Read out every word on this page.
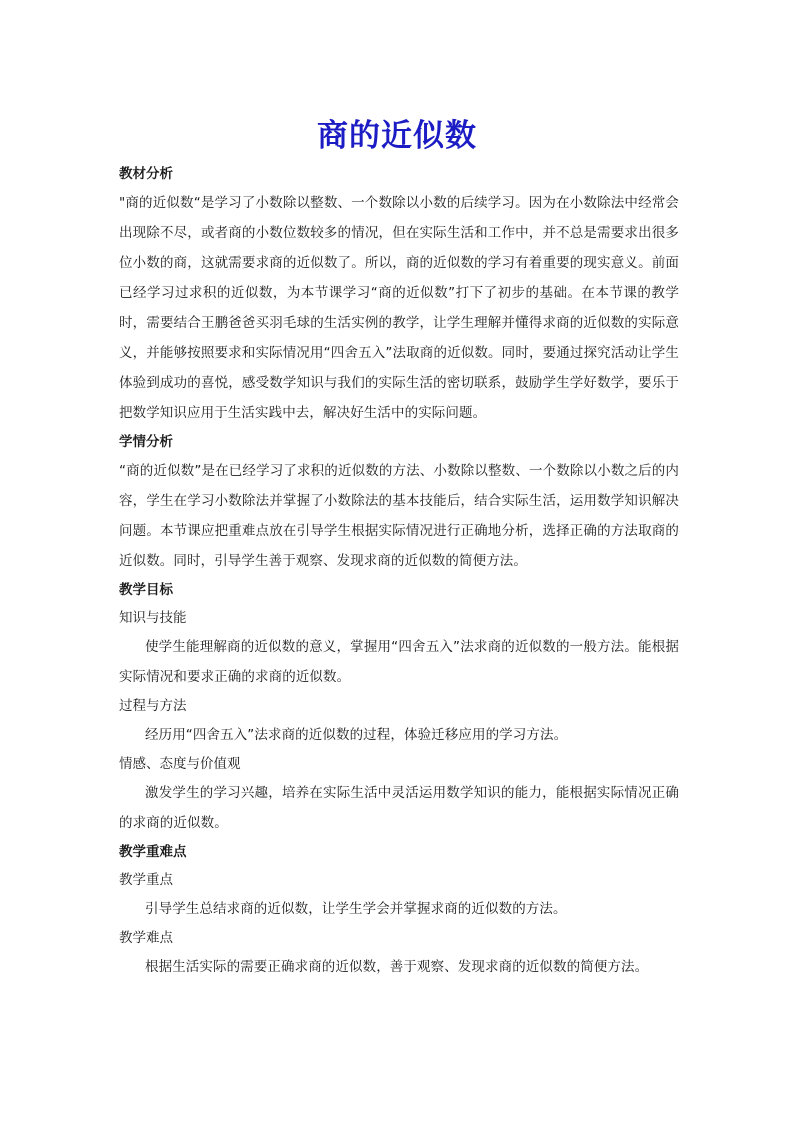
商的近似数

教材分析

"商的近似数“是学习了小数除以整数、一个数除以小数的后续学习。因为在小数除法中经常会出现除不尽，或者商的小数位数较多的情况，但在实际生活和工作中，并不总是需要求出很多位小数的商，这就需要求商的近似数了。所以，商的近似数的学习有着重要的现实意义。前面已经学习过求积的近似数，为本节课学习“商的近似数”打下了初步的基础。在本节课的教学时，需要结合王鹏爸爸买羽毛球的生活实例的教学，让学生理解并懂得求商的近似数的实际意义，并能够按照要求和实际情况用“四舍五入”法取商的近似数。同时，要通过探究活动让学生体验到成功的喜悦，感受数学知识与我们的实际生活的密切联系，鼓励学生学好数学，要乐于把数学知识应用于生活实践中去，解决好生活中的实际问题。

学情分析

“商的近似数”是在已经学习了求积的近似数的方法、小数除以整数、一个数除以小数之后的内容，学生在学习小数除法并掌握了小数除法的基本技能后，结合实际生活，运用数学知识解决问题。本节课应把重难点放在引导学生根据实际情况进行正确地分析，选择正确的方法取商的近似数。同时，引导学生善于观察、发现求商的近似数的简便方法。

教学目标

知识与技能

使学生能理解商的近似数的意义，掌握用“四舍五入”法求商的近似数的一般方法。能根据实际情况和要求正确的求商的近似数。

过程与方法

经历用“四舍五入”法求商的近似数的过程，体验迁移应用的学习方法。

情感、态度与价值观

激发学生的学习兴趣，培养在实际生活中灵活运用数学知识的能力，能根据实际情况正确的求商的近似数。

教学重难点

教学重点

引导学生总结求商的近似数，让学生学会并掌握求商的近似数的方法。

教学难点

根据生活实际的需要正确求商的近似数，善于观察、发现求商的近似数的简便方法。
